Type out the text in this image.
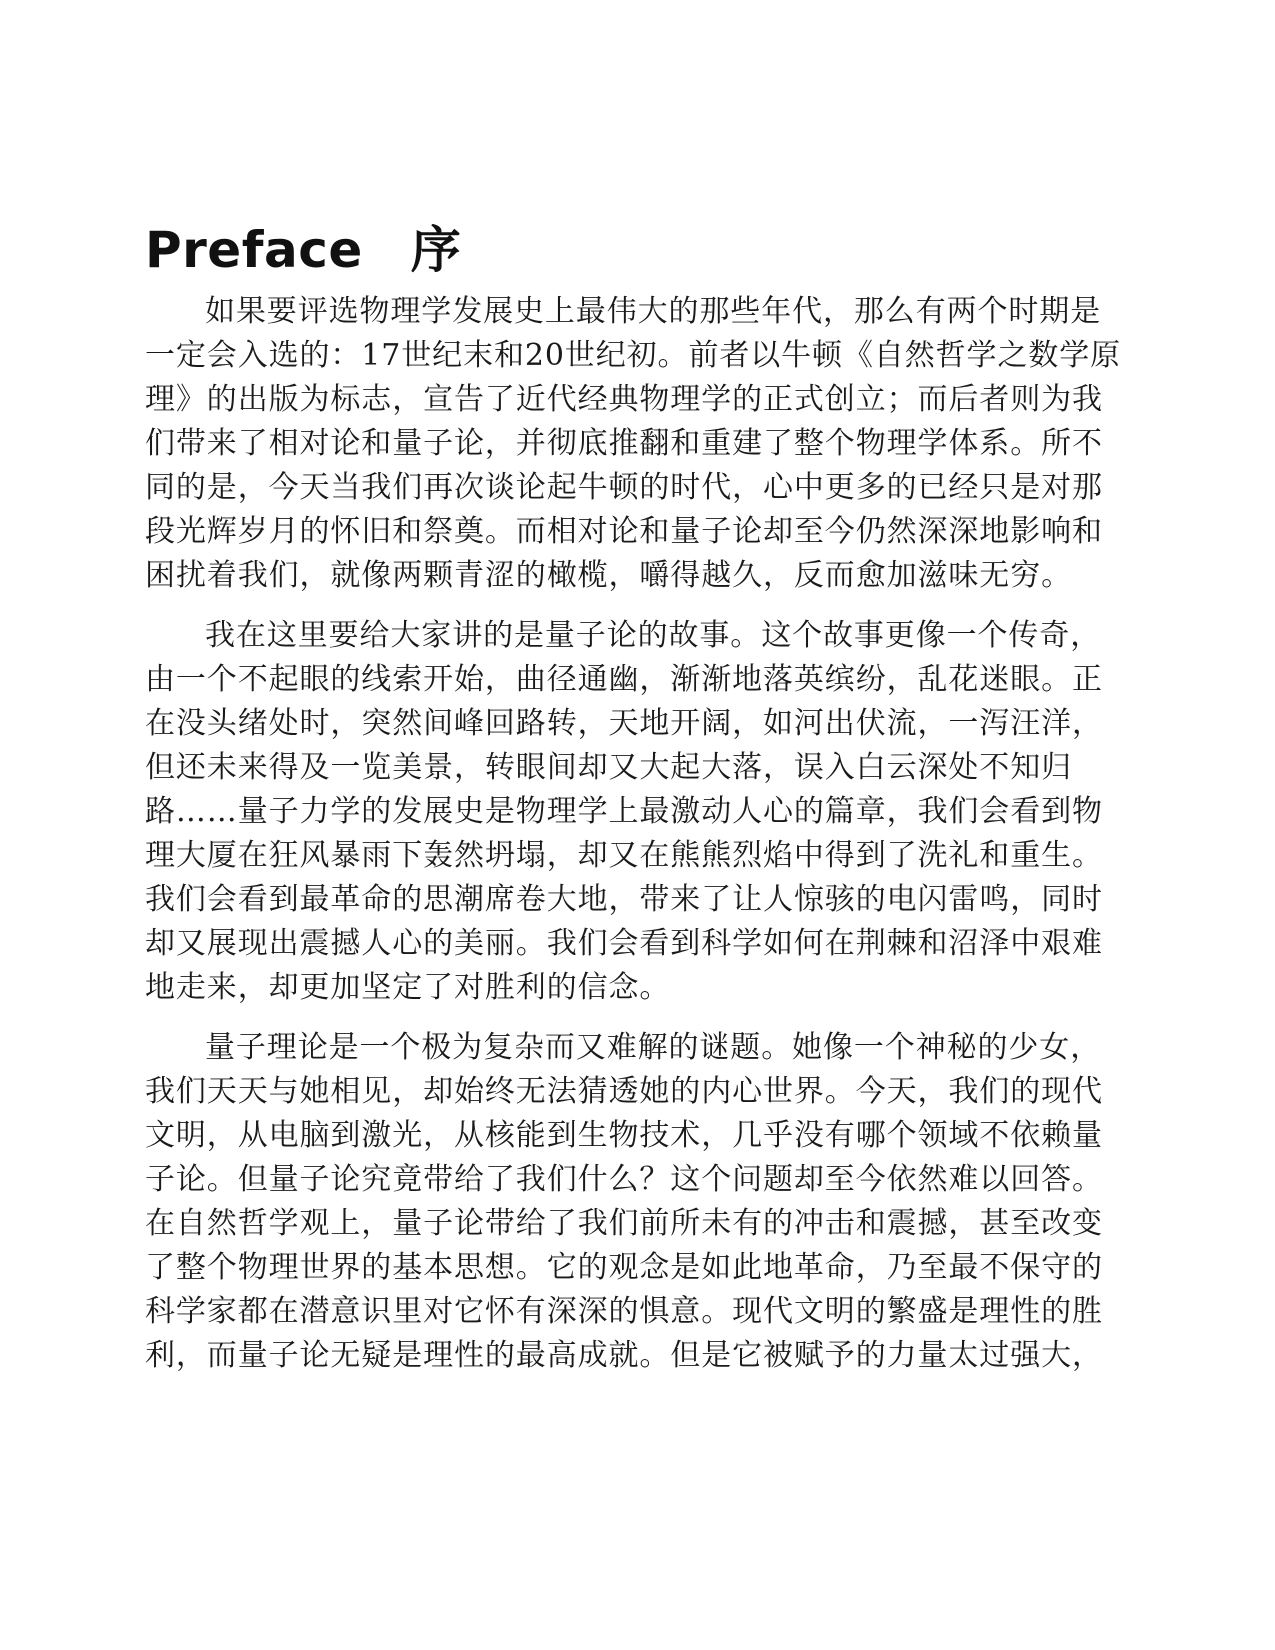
Preface 序

如果要评选物理学发展史上最伟大的那些年代，那么有两个时期是
一定会入选的：17世纪末和20世纪初。前者以牛顿《自然哲学之数学原
理》的出版为标志，宣告了近代经典物理学的正式创立；而后者则为我
们带来了相对论和量子论，并彻底推翻和重建了整个物理学体系。所不
同的是，今天当我们再次谈论起牛顿的时代，心中更多的已经只是对那
段光辉岁月的怀旧和祭奠。而相对论和量子论却至今仍然深深地影响和
困扰着我们，就像两颗青涩的橄榄，嚼得越久，反而愈加滋味无穷。

我在这里要给大家讲的是量子论的故事。这个故事更像一个传奇，
由一个不起眼的线索开始，曲径通幽，渐渐地落英缤纷，乱花迷眼。正
在没头绪处时，突然间峰回路转，天地开阔，如河出伏流，一泻汪洋，
但还未来得及一览美景，转眼间却又大起大落，误入白云深处不知归
路……量子力学的发展史是物理学上最激动人心的篇章，我们会看到物
理大厦在狂风暴雨下轰然坍塌，却又在熊熊烈焰中得到了洗礼和重生。
我们会看到最革命的思潮席卷大地，带来了让人惊骇的电闪雷鸣，同时
却又展现出震撼人心的美丽。我们会看到科学如何在荆棘和沼泽中艰难
地走来，却更加坚定了对胜利的信念。

量子理论是一个极为复杂而又难解的谜题。她像一个神秘的少女，
我们天天与她相见，却始终无法猜透她的内心世界。今天，我们的现代
文明，从电脑到激光，从核能到生物技术，几乎没有哪个领域不依赖量
子论。但量子论究竟带给了我们什么？这个问题却至今依然难以回答。
在自然哲学观上，量子论带给了我们前所未有的冲击和震撼，甚至改变
了整个物理世界的基本思想。它的观念是如此地革命，乃至最不保守的
科学家都在潜意识里对它怀有深深的惧意。现代文明的繁盛是理性的胜
利，而量子论无疑是理性的最高成就。但是它被赋予的力量太过强大，
